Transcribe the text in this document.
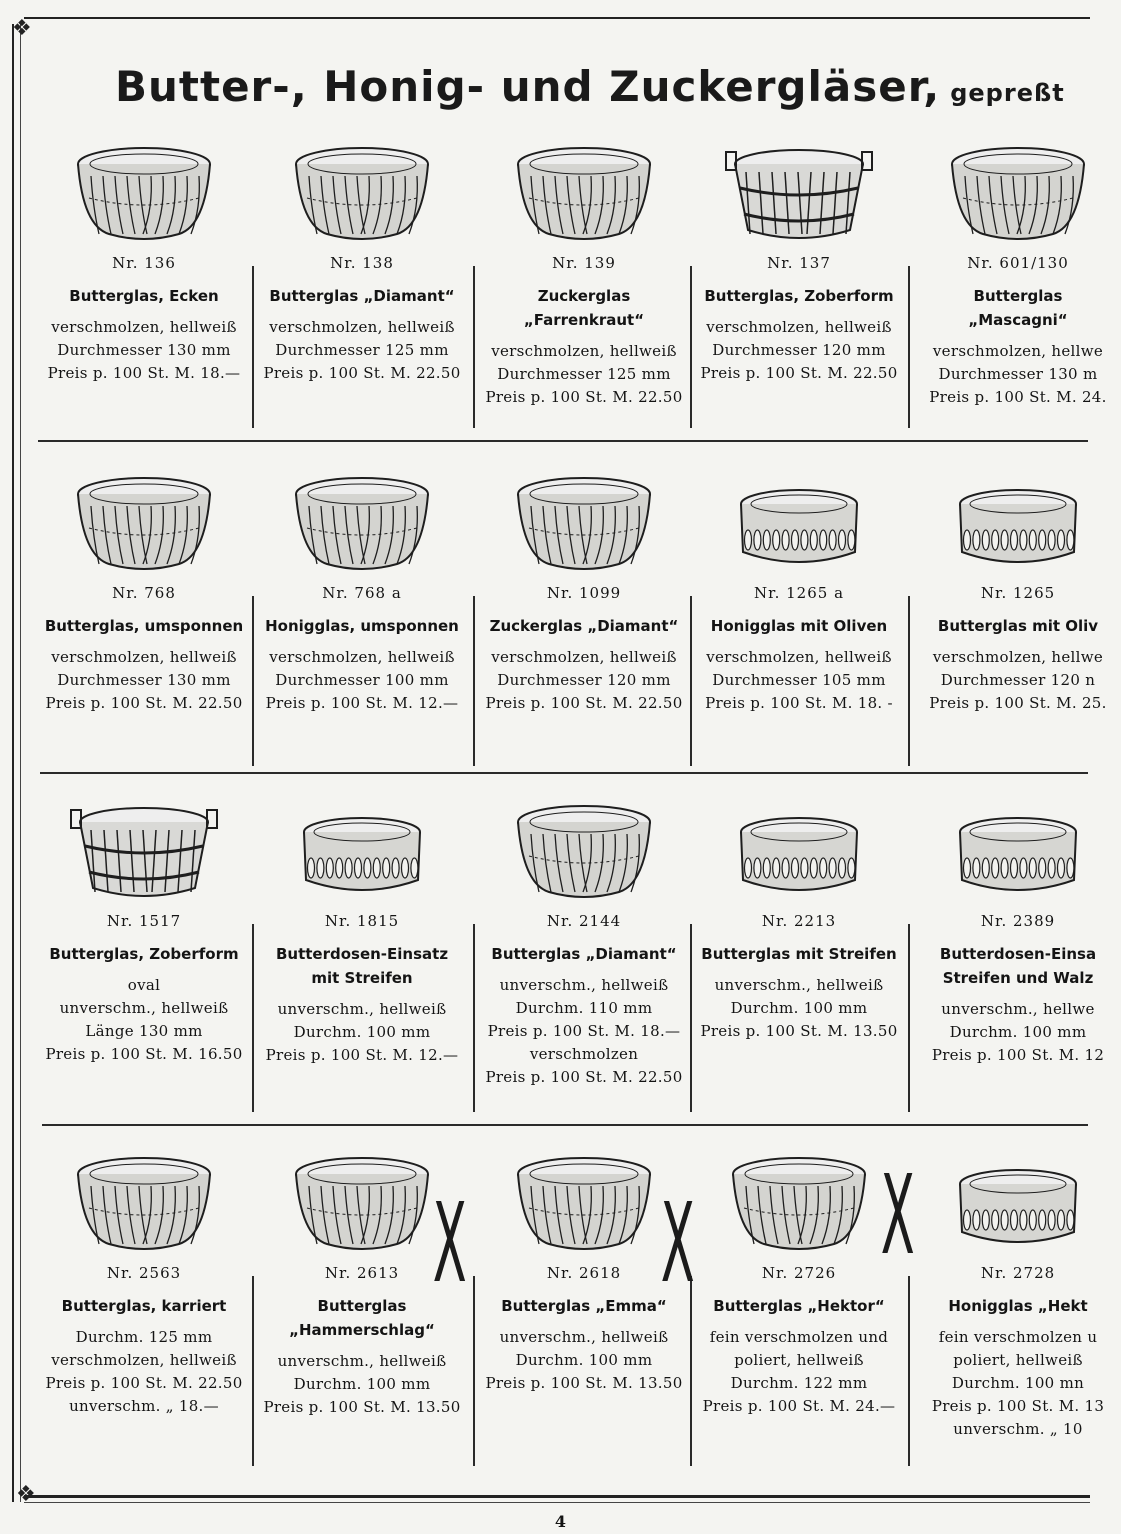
❖
❖
Butter-, Honig- und Zuckergläser, gepreßt
Nr. 136
Butterglas, Ecken
verschmolzen, hellweiß
Durchmesser 130 mm
Preis p. 100 St. M. 18.—
Nr. 138
Butterglas „Diamant“
verschmolzen, hellweiß
Durchmesser 125 mm
Preis p. 100 St. M. 22.50
Nr. 139
Zuckerglas
„Farrenkraut“
verschmolzen, hellweiß
Durchmesser 125 mm
Preis p. 100 St. M. 22.50
Nr. 137
Butterglas, Zoberform
verschmolzen, hellweiß
Durchmesser 120 mm
Preis p. 100 St. M. 22.50
Nr. 601/130
Butterglas
„Mascagni“
verschmolzen, hellwe
Durchmesser 130 m
Preis p. 100 St. M. 24.
Nr. 768
Butterglas, umsponnen
verschmolzen, hellweiß
Durchmesser 130 mm
Preis p. 100 St. M. 22.50
Nr. 768 a
Honigglas, umsponnen
verschmolzen, hellweiß
Durchmesser 100 mm
Preis p. 100 St. M. 12.—
Nr. 1099
Zuckerglas „Diamant“
verschmolzen, hellweiß
Durchmesser 120 mm
Preis p. 100 St. M. 22.50
Nr. 1265 a
Honigglas mit Oliven
verschmolzen, hellweiß
Durchmesser 105 mm
Preis p. 100 St. M. 18. -
Nr. 1265
Butterglas mit Oliv
verschmolzen, hellwe
Durchmesser 120 n
Preis p. 100 St. M. 25.
Nr. 1517
Butterglas, Zoberform
oval
unverschm., hellweiß
Länge 130 mm
Preis p. 100 St. M. 16.50
Nr. 1815
Butterdosen-Einsatz
mit Streifen
unverschm., hellweiß
Durchm. 100 mm
Preis p. 100 St. M. 12.—
Nr. 2144
Butterglas „Diamant“
unverschm., hellweiß
Durchm. 110 mm
Preis p. 100 St. M. 18.—
verschmolzen
Preis p. 100 St. M. 22.50
Nr. 2213
Butterglas mit Streifen
unverschm., hellweiß
Durchm. 100 mm
Preis p. 100 St. M. 13.50
Nr. 2389
Butterdosen-Einsa
Streifen und Walz
unverschm., hellwe
Durchm. 100 mm
Preis p. 100 St. M. 12
Nr. 2563
Butterglas, karriert
Durchm. 125 mm
verschmolzen, hellweiß
Preis p. 100 St. M. 22.50
unverschm. „ 18.—
Nr. 2613
Butterglas
„Hammerschlag“
unverschm., hellweiß
Durchm. 100 mm
Preis p. 100 St. M. 13.50
Nr. 2618
Butterglas „Emma“
unverschm., hellweiß
Durchm. 100 mm
Preis p. 100 St. M. 13.50
Nr. 2726
Butterglas „Hektor“
fein verschmolzen und
poliert, hellweiß
Durchm. 122 mm
Preis p. 100 St. M. 24.—
Nr. 2728
Honigglas „Hekt
fein verschmolzen u
poliert, hellweiß
Durchm. 100 mn
Preis p. 100 St. M. 13
unverschm. „ 10
X X X
4
